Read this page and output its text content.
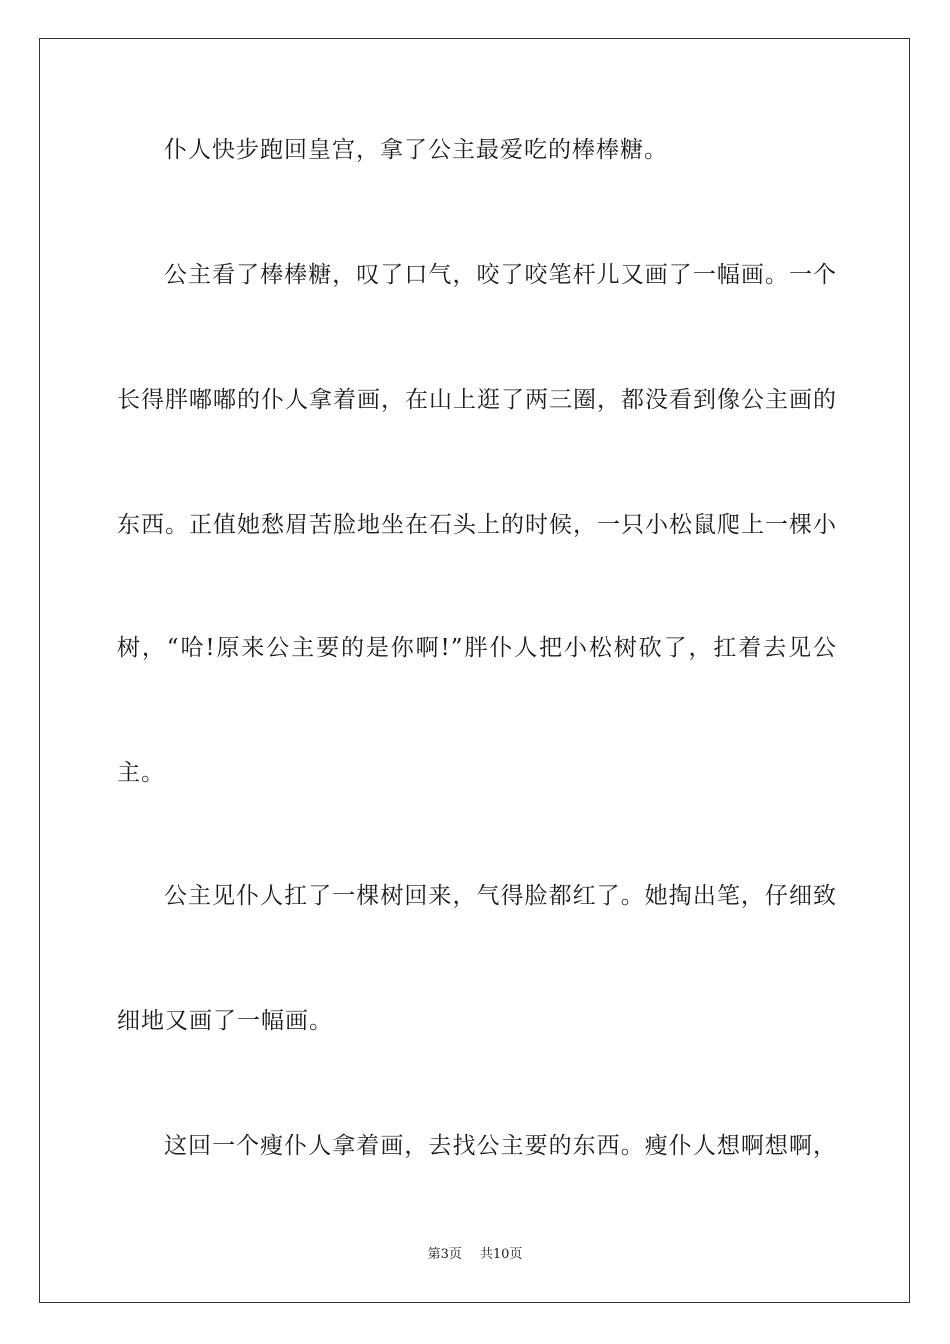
仆人快步跑回皇宫，拿了公主最爱吃的棒棒糖。
公主看了棒棒糖，叹了口气，咬了咬笔杆儿又画了一幅画。一个
长得胖嘟嘟的仆人拿着画，在山上逛了两三圈，都没看到像公主画的
东西。正值她愁眉苦脸地坐在石头上的时候，一只小松鼠爬上一棵小
树，“哈!原来公主要的是你啊!”胖仆人把小松树砍了，扛着去见公
主。
公主见仆人扛了一棵树回来，气得脸都红了。她掏出笔，仔细致
细地又画了一幅画。
这回一个瘦仆人拿着画，去找公主要的东西。瘦仆人想啊想啊，
第3页 共10页
